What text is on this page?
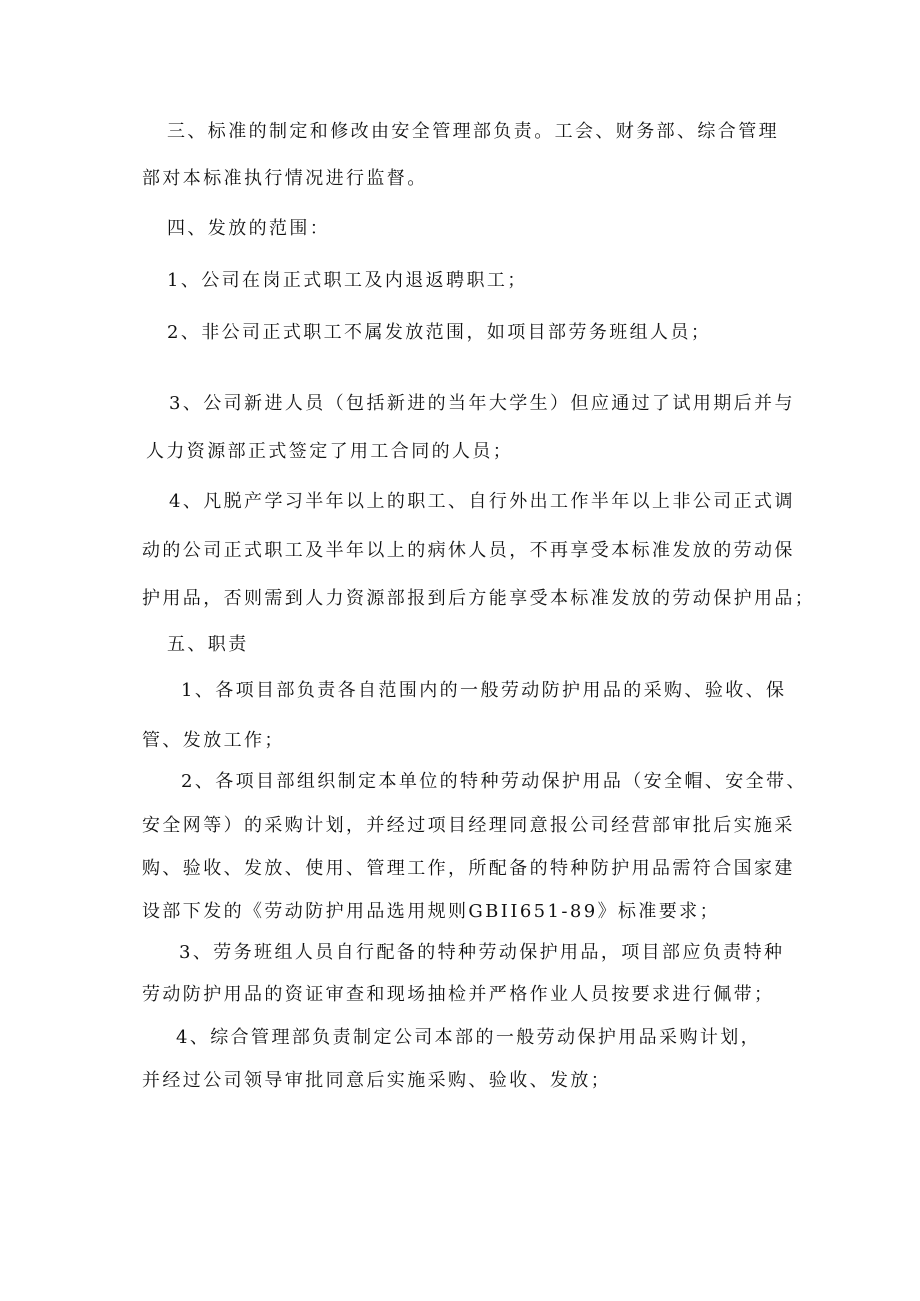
三、标准的制定和修改由安全管理部负责。工会、财务部、综合管理
部对本标准执行情况进行监督。
四、发放的范围：
1、公司在岗正式职工及内退返聘职工；
2、非公司正式职工不属发放范围，如项目部劳务班组人员；
3、公司新进人员（包括新进的当年大学生）但应通过了试用期后并与
人力资源部正式签定了用工合同的人员；
4、凡脱产学习半年以上的职工、自行外出工作半年以上非公司正式调
动的公司正式职工及半年以上的病休人员，不再享受本标准发放的劳动保
护用品，否则需到人力资源部报到后方能享受本标准发放的劳动保护用品；
五、职责
1、各项目部负责各自范围内的一般劳动防护用品的采购、验收、保
管、发放工作；
2、各项目部组织制定本单位的特种劳动保护用品（安全帽、安全带、
安全网等）的采购计划，并经过项目经理同意报公司经营部审批后实施采
购、验收、发放、使用、管理工作，所配备的特种防护用品需符合国家建
设部下发的《劳动防护用品选用规则GBII651-89》标准要求；
3、劳务班组人员自行配备的特种劳动保护用品，项目部应负责特种
劳动防护用品的资证审查和现场抽检并严格作业人员按要求进行佩带；
4、综合管理部负责制定公司本部的一般劳动保护用品采购计划，
并经过公司领导审批同意后实施采购、验收、发放；
